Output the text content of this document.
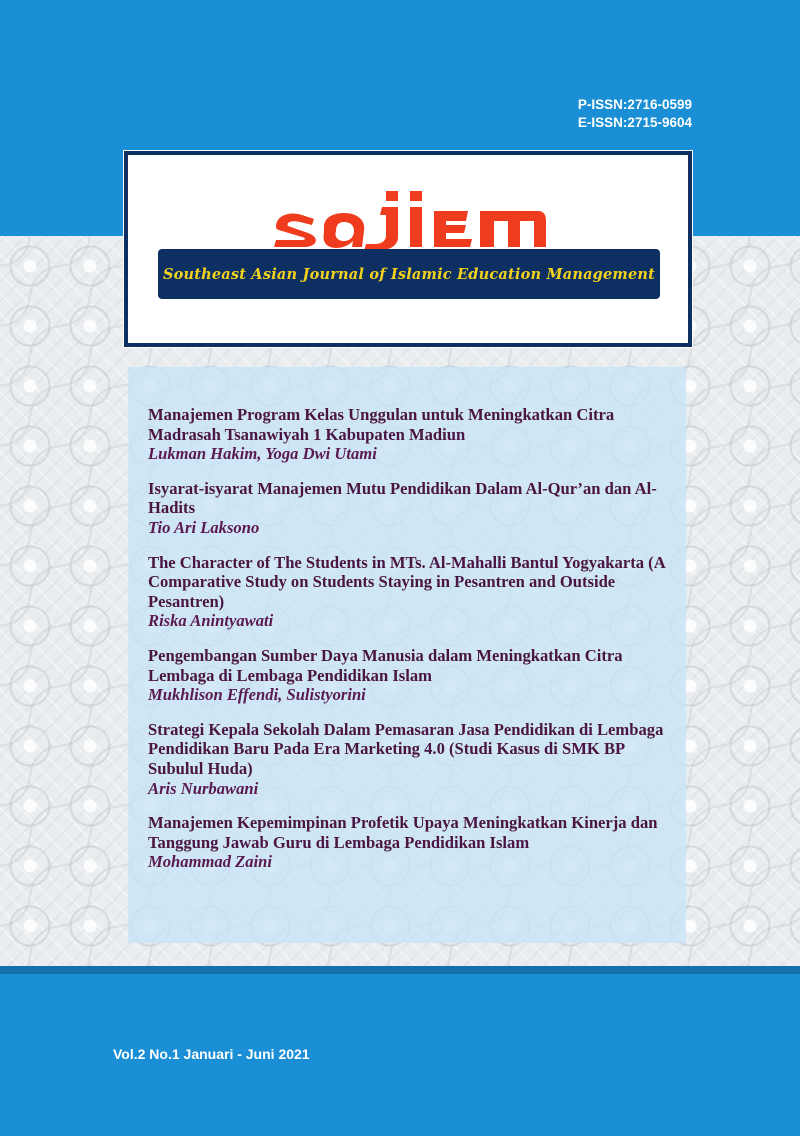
P-ISSN:2716-0599
E-ISSN:2715-9604
Southeast Asian Journal of Islamic Education Management
Manajemen Program Kelas Unggulan untuk Meningkatkan Citra Madrasah Tsanawiyah 1 Kabupaten Madiun
Lukman Hakim, Yoga Dwi Utami
Isyarat-isyarat Manajemen Mutu Pendidikan Dalam Al-Qur’an dan Al-Hadits
Tio Ari Laksono
The Character of The Students in MTs. Al-Mahalli Bantul Yogyakarta (A Comparative Study on Students Staying in Pesantren and Outside Pesantren)
Riska Anintyawati
Pengembangan Sumber Daya Manusia dalam Meningkatkan Citra Lembaga di Lembaga Pendidikan Islam
Mukhlison Effendi, Sulistyorini
Strategi Kepala Sekolah Dalam Pemasaran Jasa Pendidikan di Lembaga Pendidikan Baru Pada Era Marketing 4.0 (Studi Kasus di SMK BP Subulul Huda)
Aris Nurbawani
Manajemen Kepemimpinan Profetik Upaya Meningkatkan Kinerja dan Tanggung Jawab Guru di Lembaga Pendidikan Islam
Mohammad Zaini
Vol.2 No.1 Januari - Juni 2021
